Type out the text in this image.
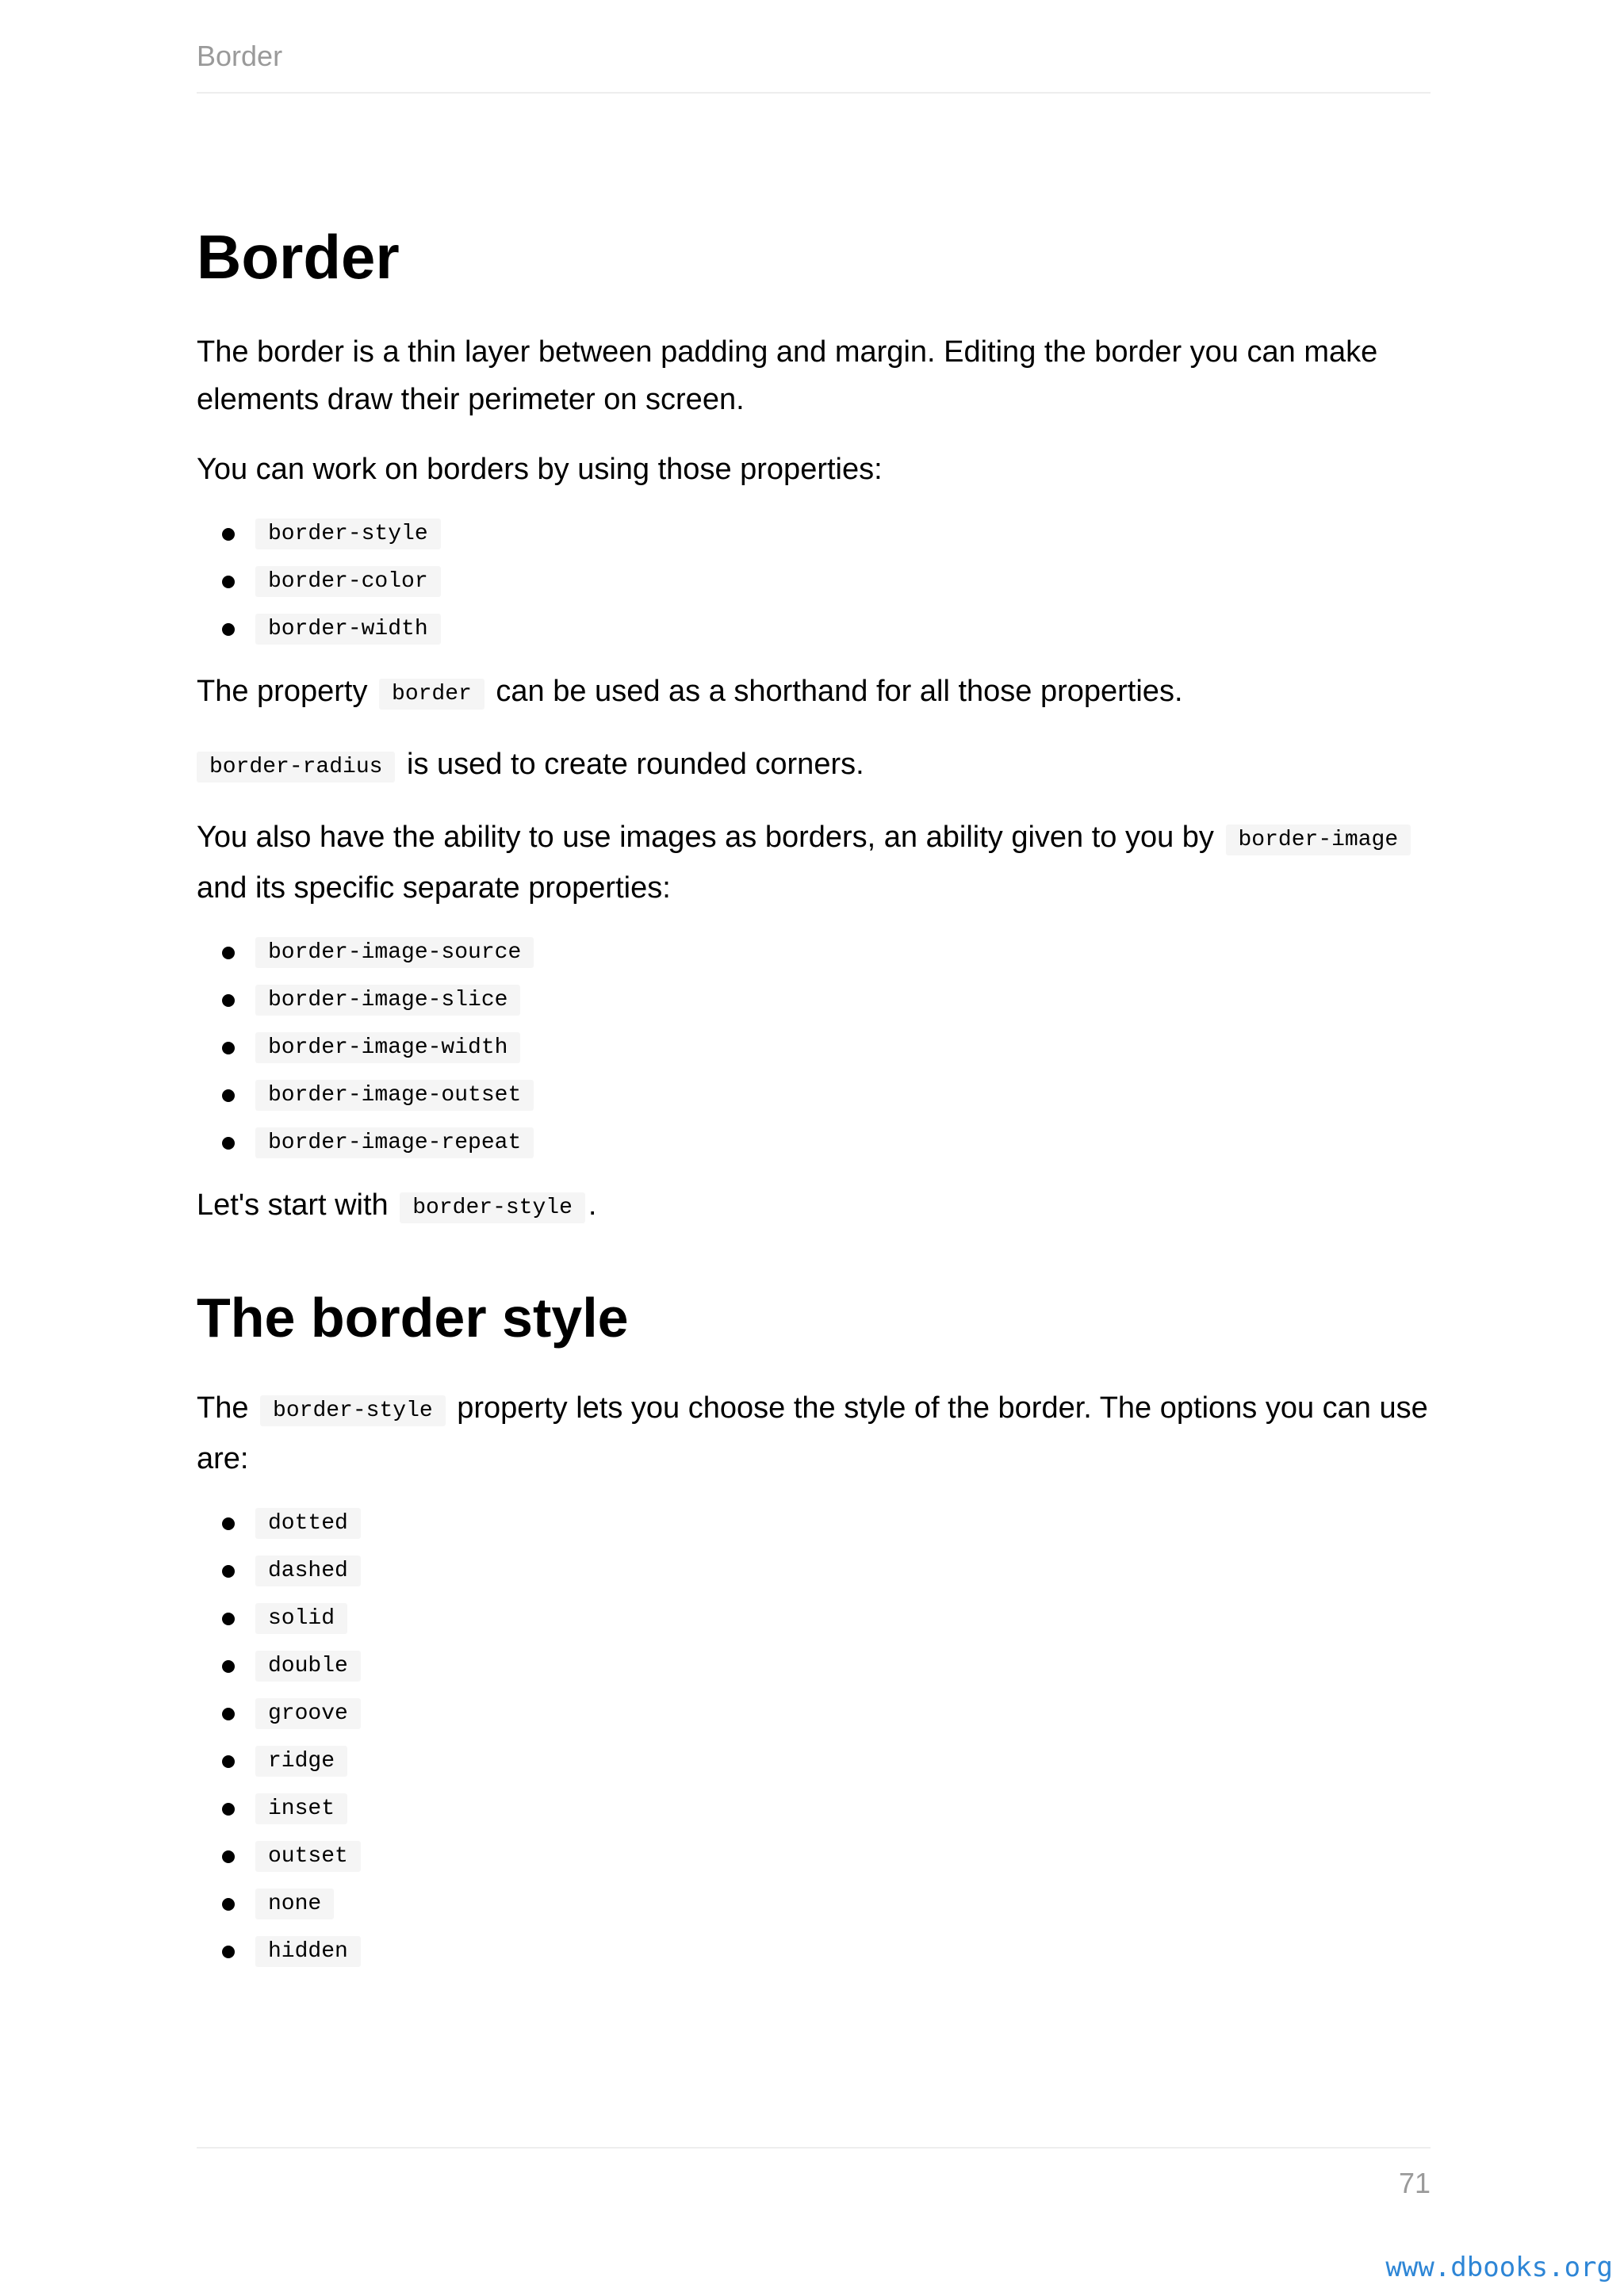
Border
Border

The border is a thin layer between padding and margin. Editing the border you can make elements draw their perimeter on screen.

You can work on borders by using those properties:

border-style
border-color
border-width

The property border can be used as a shorthand for all those properties.

border-radius is used to create rounded corners.

You also have the ability to use images as borders, an ability given to you by border-image and its specific separate properties:

border-image-source
border-image-slice
border-image-width
border-image-outset
border-image-repeat

Let's start with border-style .

The border style

The border-style property lets you choose the style of the border. The options you can use are:

dotted
dashed
solid
double
groove
ridge
inset
outset
none
hidden
71
www.dbooks.org
